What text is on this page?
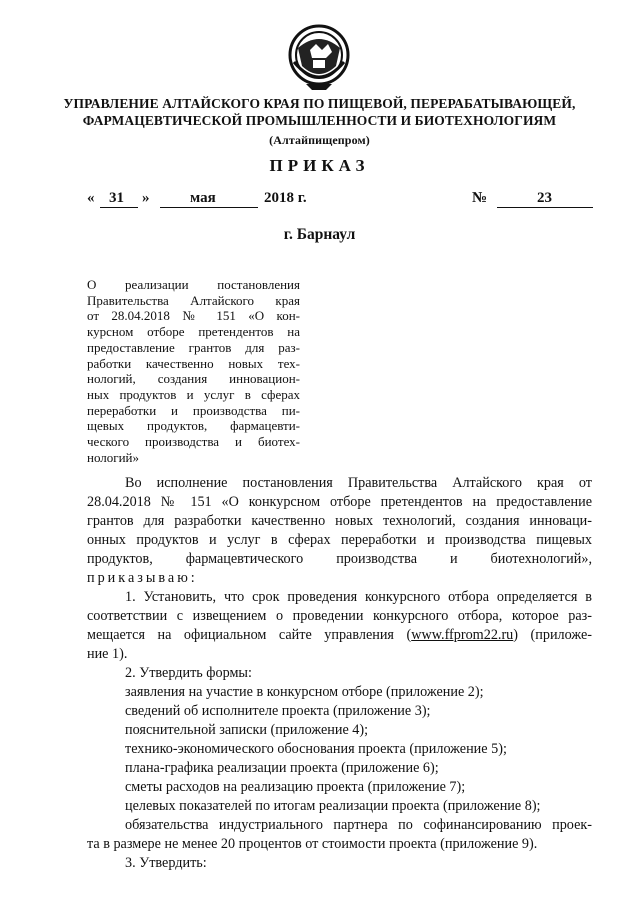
УПРАВЛЕНИЕ АЛТАЙСКОГО КРАЯ ПО ПИЩЕВОЙ, ПЕРЕРАБАТЫВАЮЩЕЙ,
ФАРМАЦЕВТИЧЕСКОЙ ПРОМЫШЛЕННОСТИ И БИОТЕХНОЛОГИЯМ
(Алтайпищепром)
ПРИКАЗ
« 31 »	мая	2018 г.	№	23
г. Барнаул
О реализации постановления
Правительства Алтайского края
от 28.04.2018 № 151 «О кон-
курсном отборе претендентов на
предоставление грантов для раз-
работки качественно новых тех-
нологий, создания инновацион-
ных продуктов и услуг в сферах
переработки и производства пи-
щевых продуктов, фармацевти-
ческого производства и биотех-
нологий»
Во исполнение постановления Правительства Алтайского края от
28.04.2018 № 151 «О конкурсном отборе претендентов на предоставление
грантов для разработки качественно новых технологий, создания инноваци-
онных продуктов и услуг в сферах переработки и производства пищевых
продуктов, фармацевтического производства и биотехнологий»,
приказываю:
1. Установить, что срок проведения конкурсного отбора определяется в
соответствии с извещением о проведении конкурсного отбора, которое раз-
мещается на официальном сайте управления (www.ffprom22.ru) (приложе-
ние 1).
2. Утвердить формы:
заявления на участие в конкурсном отборе (приложение 2);
сведений об исполнителе проекта (приложение 3);
пояснительной записки (приложение 4);
технико-экономического обоснования проекта (приложение 5);
плана-графика реализации проекта (приложение 6);
сметы расходов на реализацию проекта (приложение 7);
целевых показателей по итогам реализации проекта (приложение 8);
обязательства индустриального партнера по софинансированию проек-
та в размере не менее 20 процентов от стоимости проекта (приложение 9).
3. Утвердить:
